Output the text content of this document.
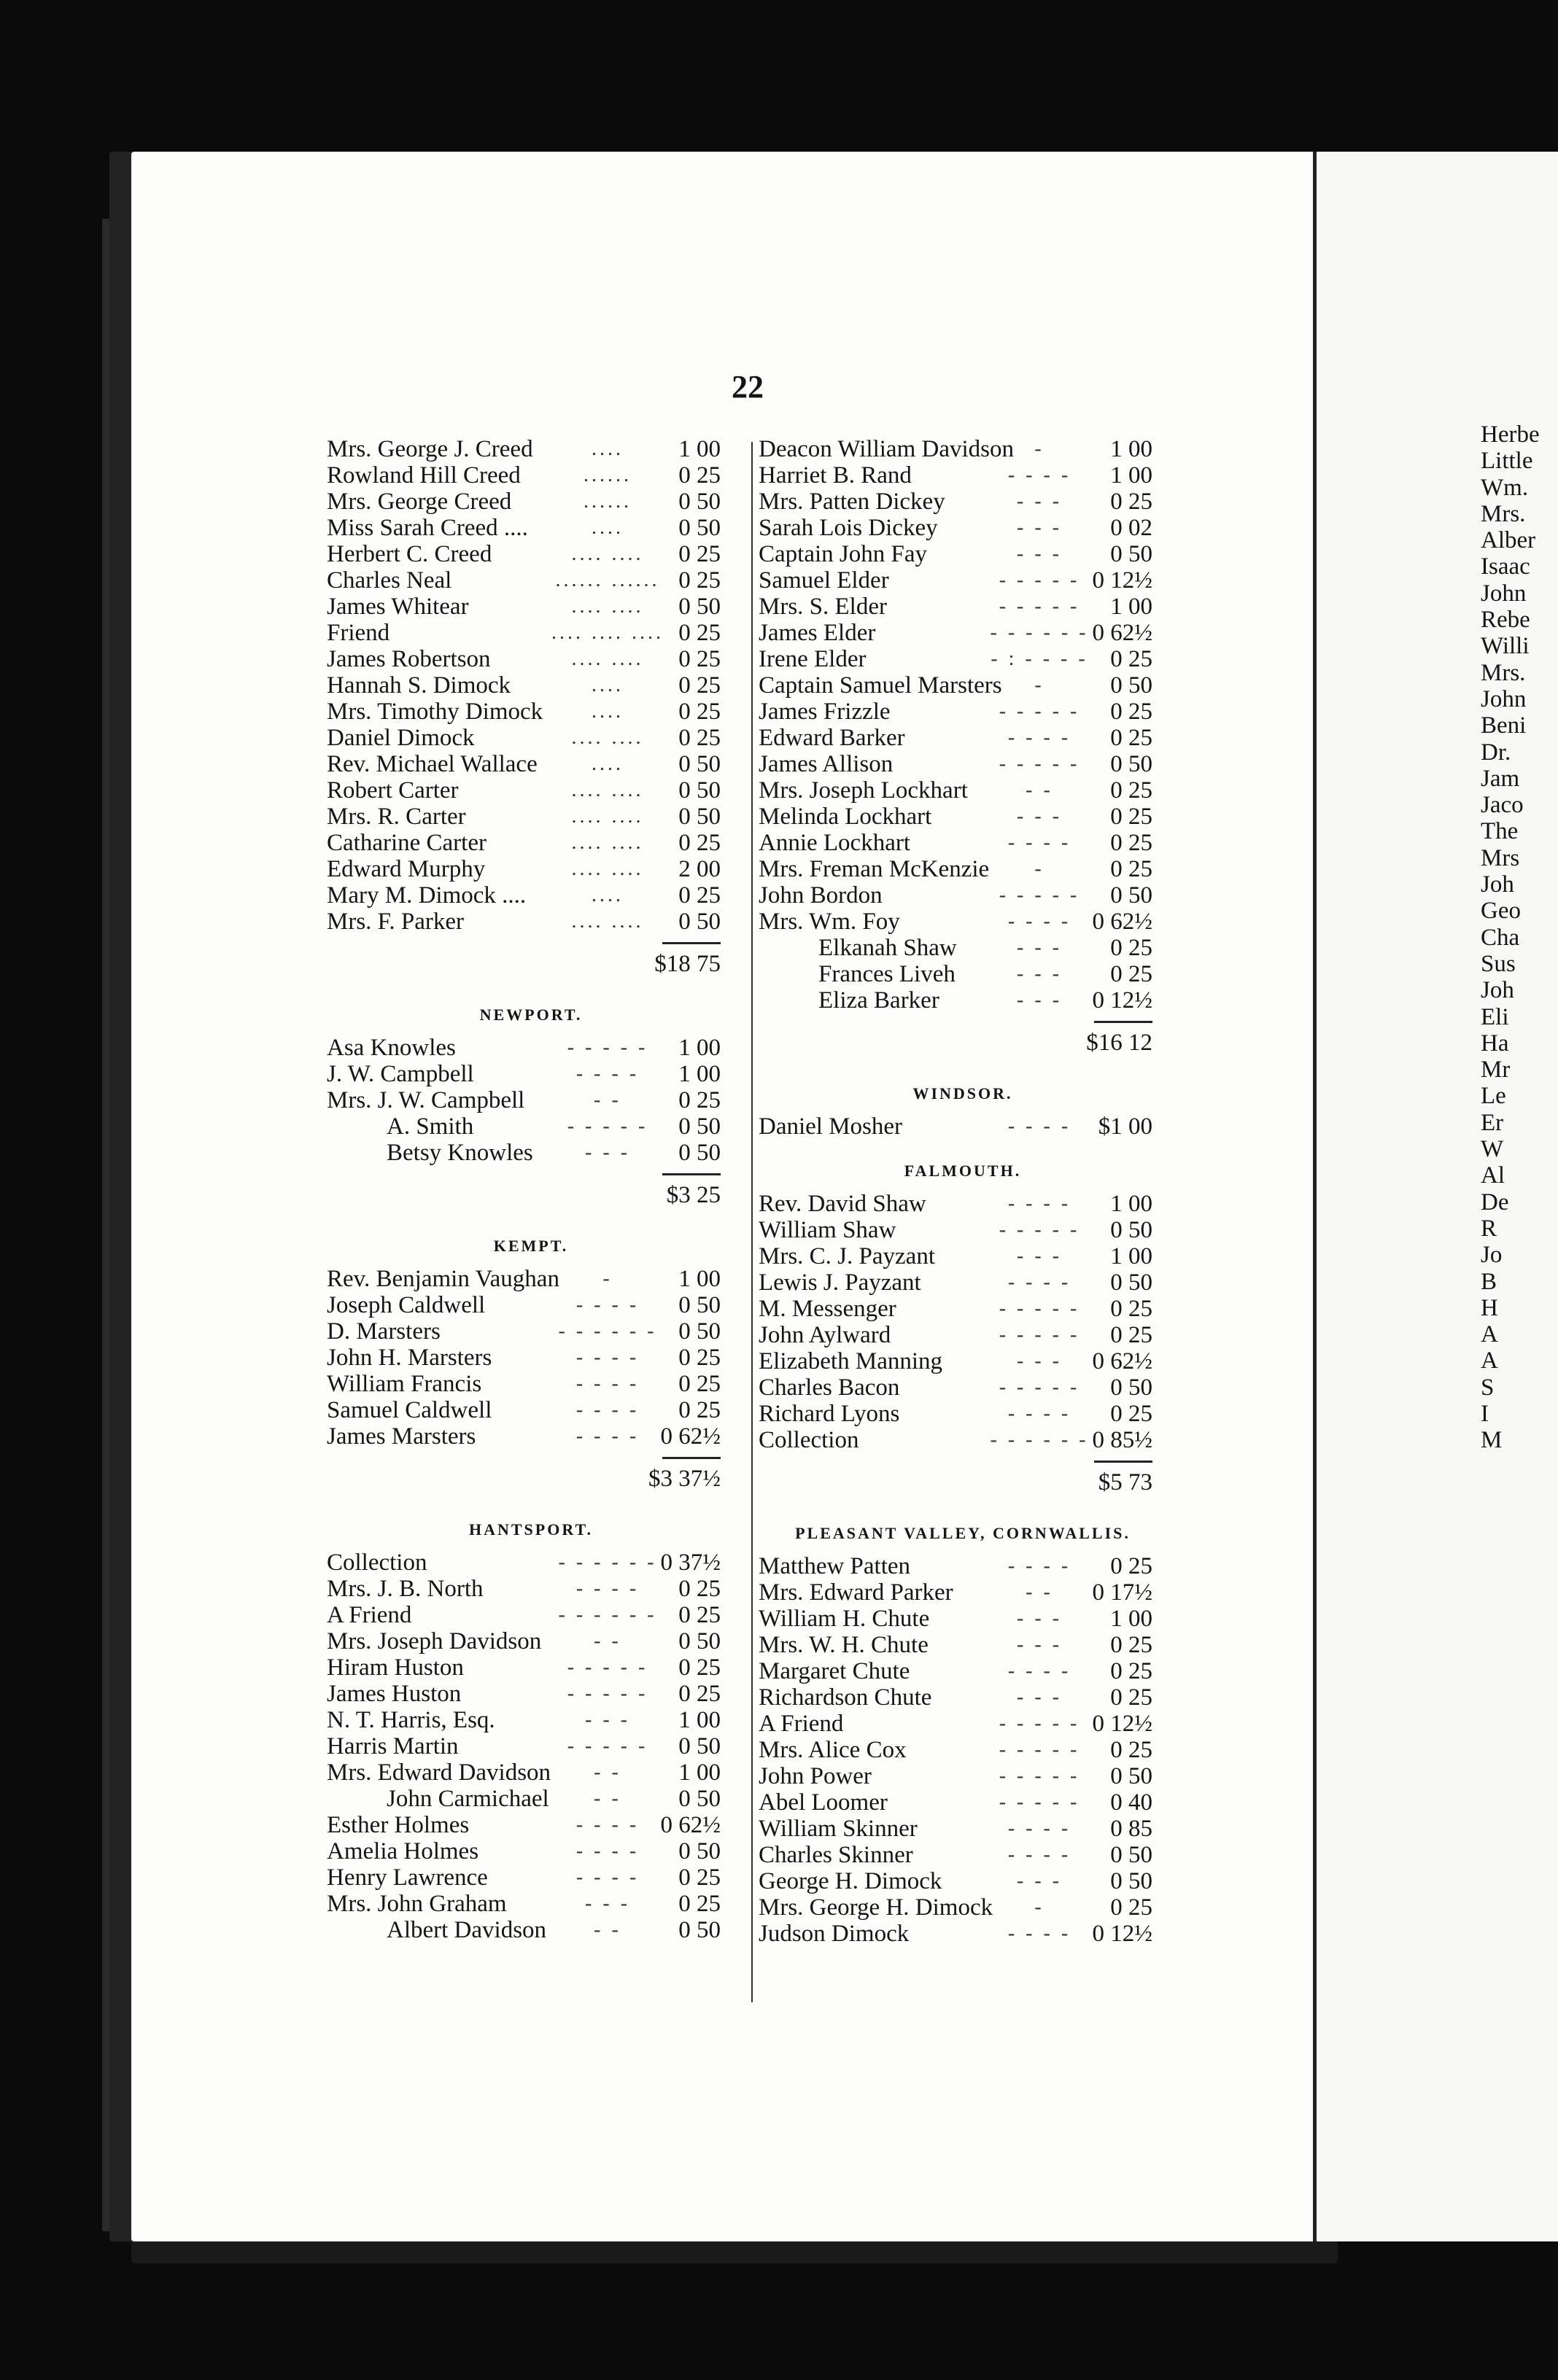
22
Mrs. George J. Creed	....	1 00
Rowland Hill Creed	......	0 25
Mrs. George Creed	......	0 50
Miss Sarah Creed ....	....	0 50
Herbert C. Creed	.... ....	0 25
Charles Neal	...... ...... 0 25
James Whitear	.... ....	0 50
Friend	.... .... .... 0 25
James Robertson	.... ....	0 25
Hannah S. Dimock	....	0 25
Mrs. Timothy Dimock	....	0 25
Daniel Dimock	.... ....	0 25
Rev. Michael Wallace	....	0 50
Robert Carter	.... ....	0 50
Mrs. R. Carter	.... ....	0 50
Catharine Carter	.... ....	0 25
Edward Murphy	.... ....	2 00
Mary M. Dimock ....	....	0 25
Mrs. F. Parker	.... ....	0 50
$18 75
NEWPORT.
Asa Knowles	- - - - -	1 00
J. W. Campbell	- - - -	1 00
Mrs. J. W. Campbell	- -	0 25
A. Smith	- - - - -	0 50
Betsy Knowles	- - -	0 50
$3 25
KEMPT.
Rev. Benjamin Vaughan	-	1 00
Joseph Caldwell	- - - -	0 50
D. Marsters	- - - - - - 0 50
John H. Marsters	- - - -	0 25
William Francis	- - - -	0 25
Samuel Caldwell	- - - -	0 25
James Marsters	- - - - 0 62½
$3 37½
HANTSPORT.
Collection	- - - - - - 0 37½
Mrs. J. B. North	- - - -	0 25
A Friend	- - - - - - 0 25
Mrs. Joseph Davidson	- -	0 50
Hiram Huston	- - - - -	0 25
James Huston	- - - - -	0 25
N. T. Harris, Esq.	- - -	1 00
Harris Martin	- - - - -	0 50
Mrs. Edward Davidson	- -	1 00
John Carmichael	- -	0 50
Esther Holmes	- - - - 0 62½
Amelia Holmes	- - - -	0 50
Henry Lawrence	- - - -	0 25
Mrs. John Graham	- - -	0 25
Albert Davidson	- -	0 50
Deacon William Davidson	-	1 00
Harriet B. Rand	- - - -	1 00
Mrs. Patten Dickey	- - -	0 25
Sarah Lois Dickey	- - -	0 02
Captain John Fay	- - -	0 50
Samuel Elder	- - - - - 0 12½
Mrs. S. Elder	- - - - -	1 00
James Elder	- - - - - - 0 62½
Irene Elder	- : - - - - 0 25
Captain Samuel Marsters	-	0 50
James Frizzle	- - - - -	0 25
Edward Barker	- - - -	0 25
James Allison	- - - - -	0 50
Mrs. Joseph Lockhart	- -	0 25
Melinda Lockhart	- - -	0 25
Annie Lockhart	- - - -	0 25
Mrs. Freman McKenzie	-	0 25
John Bordon	- - - - -	0 50
Mrs. Wm. Foy	- - - - 0 62½
Elkanah Shaw	- - -	0 25
Frances Liveh	- - -	0 25
Eliza Barker	- - -	0 12½
$16 12
WINDSOR.
Daniel Mosher	- - - -	$1 00
FALMOUTH.
Rev. David Shaw	- - - -	1 00
William Shaw	- - - - -	0 50
Mrs. C. J. Payzant	- - -	1 00
Lewis J. Payzant	- - - -	0 50
M. Messenger	- - - - -	0 25
John Aylward	- - - - -	0 25
Elizabeth Manning	- - -	0 62½
Charles Bacon	- - - - -	0 50
Richard Lyons	- - - -	0 25
Collection	- - - - - - 0 85½
$5 73
PLEASANT VALLEY, CORNWALLIS.
Matthew Patten	- - - -	0 25
Mrs. Edward Parker	- -	0 17½
William H. Chute	- - -	1 00
Mrs. W. H. Chute	- - -	0 25
Margaret Chute	- - - -	0 25
Richardson Chute	- - -	0 25
A Friend	- - - - - 0 12½
Mrs. Alice Cox	- - - - -	0 25
John Power	- - - - -	0 50
Abel Loomer	- - - - -	0 40
William Skinner	- - - -	0 85
Charles Skinner	- - - -	0 50
George H. Dimock	- - -	0 50
Mrs. George H. Dimock	-	0 25
Judson Dimock	- - - - 0 12½
Herbe
Little
Wm.
Mrs.
Alber
Isaac
John
Rebe
Willi
Mrs.
John
Beni
Dr.
Jam
Jaco
The
Mrs
Joh
Geo
Cha
Sus
Joh
Eli
Ha
Mr
Le
Er
W
Al
De
R
Jo
B
H
A
A
S
I
M
